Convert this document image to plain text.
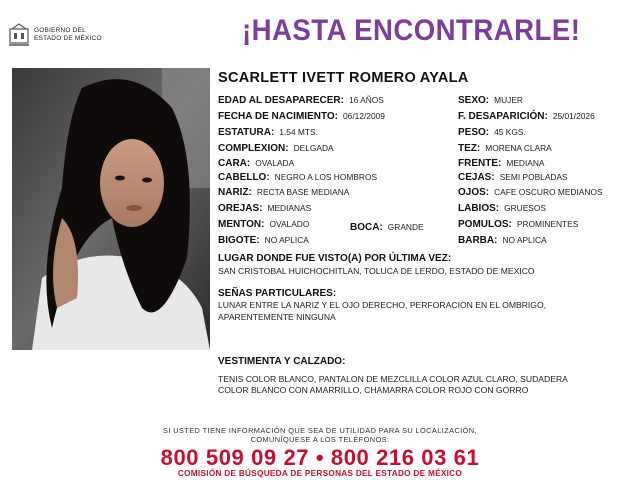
GOBIERNO DEL
ESTADO DE MÉXICO	¡HASTA ENCONTRARLE!
SCARLETT IVETT ROMERO AYALA
EDAD AL DESAPARECER: 16 AÑOS
FECHA DE NACIMIENTO: 06/12/2009
ESTATURA: 1.54 MTS.
COMPLEXION: DELGADA
CARA: OVALADA
CABELLO: NEGRO A LOS HOMBROS
NARIZ: RECTA BASE MEDIANA
OREJAS: MEDIANAS
MENTON: OVALADO
BIGOTE: NO APLICA
BOCA: GRANDE
SEXO: MUJER
F. DESAPARICIÓN: 25/01/2026
PESO: 45 KGS.
TEZ: MORENA CLARA
FRENTE: MEDIANA
CEJAS: SEMI POBLADAS
OJOS: CAFE OSCURO MEDIANOS
LABIOS: GRUESOS
POMULOS: PROMINENTES
BARBA: NO APLICA
LUGAR DONDE FUE VISTO(A) POR ÚLTIMA VEZ:
SAN CRISTOBAL HUICHOCHITLAN, TOLUCA DE LERDO, ESTADO DE MEXICO
SEÑAS PARTICULARES:
LUNAR ENTRE LA NARIZ Y EL OJO DERECHO, PERFORACION EN EL OMBRIGO,
APARENTEMENTE NINGUNA
VESTIMENTA Y CALZADO:
TENIS COLOR BLANCO, PANTALON DE MEZCLILLA COLOR AZUL CLARO, SUDADERA
COLOR BLANCO CON AMARRILLO, CHAMARRA COLOR ROJO CON GORRO
SI USTED TIENE INFORMACIÓN QUE SEA DE UTILIDAD PARA SU LOCALIZACIÓN,
COMUNÍQUESE A LOS TELÉFONOS:
800 509 09 27 • 800 216 03 61
COMISIÓN DE BÚSQUEDA DE PERSONAS DEL ESTADO DE MÉXICO
